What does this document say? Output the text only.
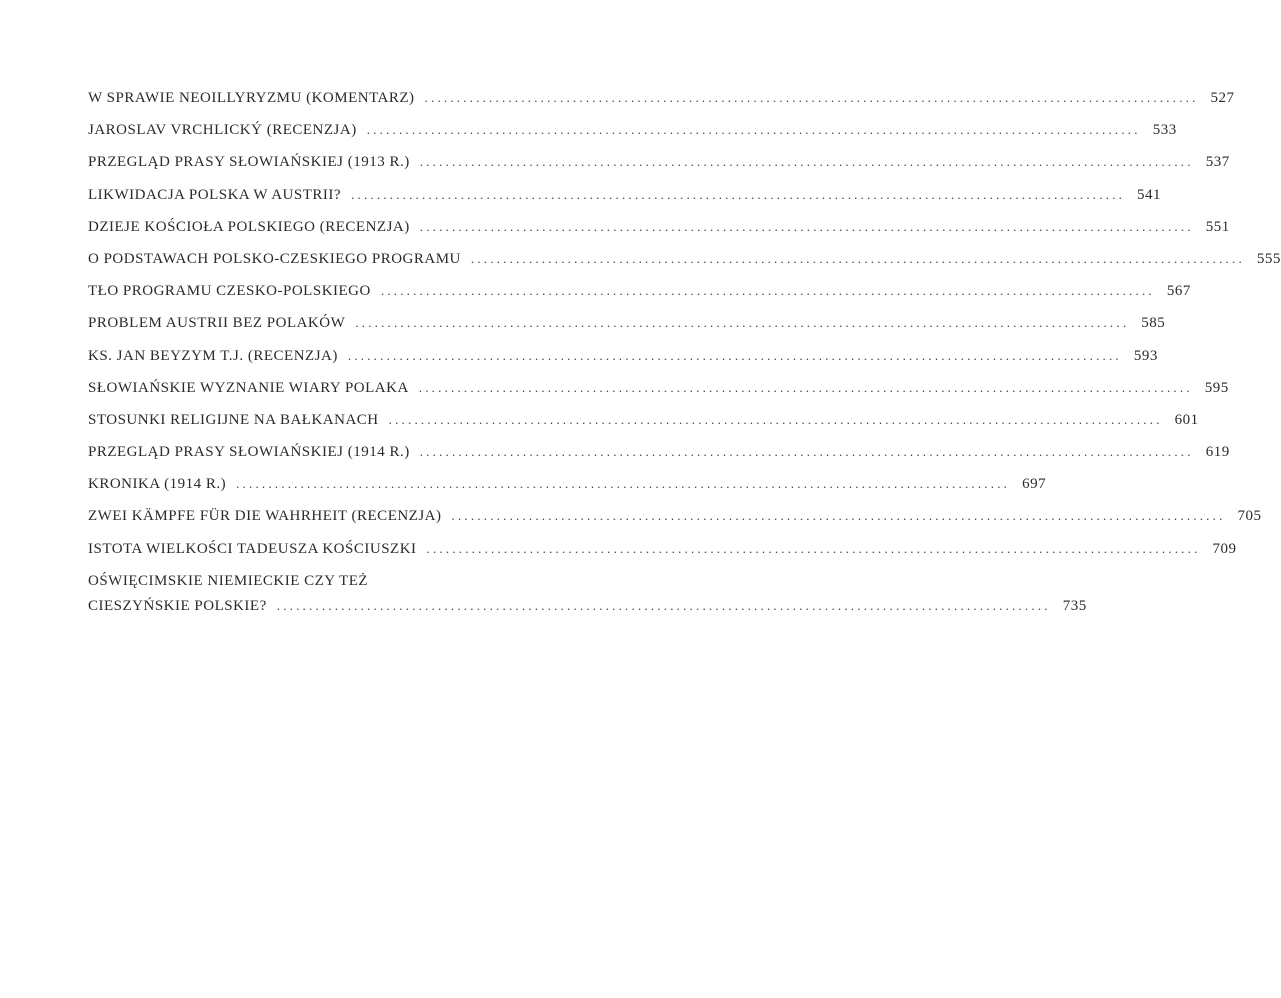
W SPRAWIE NEOILLYRYZMU (KOMENTARZ) ........................................................................................................................ 527
JAROSLAV VRCHLICKÝ (RECENZJA) ........................................................................................................................ 533
PRZEGLĄD PRASY SŁOWIAŃSKIEJ (1913 R.) ........................................................................................................................ 537
LIKWIDACJA POLSKA W AUSTRII? ........................................................................................................................ 541
DZIEJE KOŚCIOŁA POLSKIEGO (RECENZJA) ........................................................................................................................ 551
O PODSTAWACH POLSKO-CZESKIEGO PROGRAMU ........................................................................................................................ 555
TŁO PROGRAMU CZESKO-POLSKIEGO ........................................................................................................................ 567
PROBLEM AUSTRII BEZ POLAKÓW ........................................................................................................................ 585
KS. JAN BEYZYM T.J. (RECENZJA) ........................................................................................................................ 593
SŁOWIAŃSKIE WYZNANIE WIARY POLAKA ........................................................................................................................ 595
STOSUNKI RELIGIJNE NA BAŁKANACH ........................................................................................................................ 601
PRZEGLĄD PRASY SŁOWIAŃSKIEJ (1914 R.) ........................................................................................................................ 619
KRONIKA (1914 R.) ........................................................................................................................ 697
ZWEI KÄMPFE FÜR DIE WAHRHEIT (RECENZJA) ........................................................................................................................ 705
ISTOTA WIELKOŚCI TADEUSZA KOŚCIUSZKI ........................................................................................................................ 709
OŚWIĘCIMSKIE NIEMIECKIE CZY TEŻ
CIESZYŃSKIE POLSKIE? ........................................................................................................................ 735
